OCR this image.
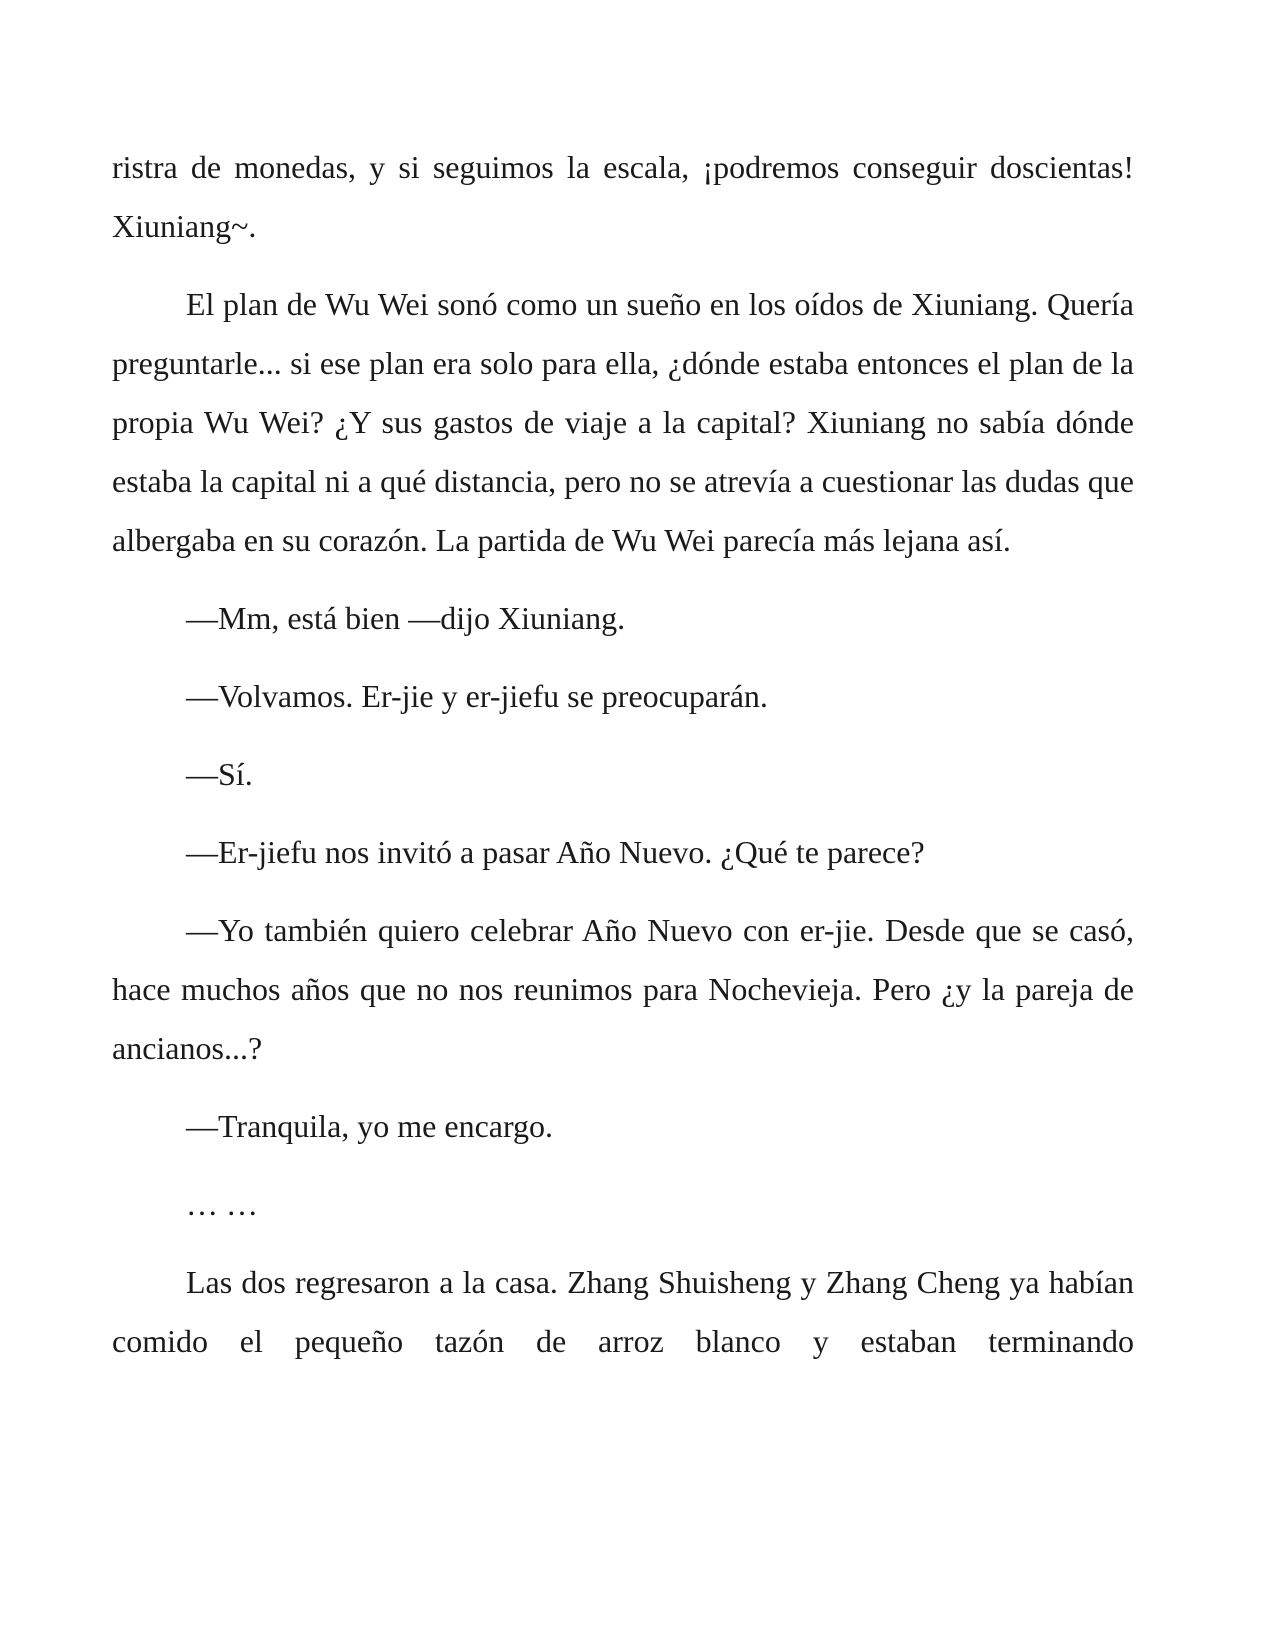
ristra de monedas, y si seguimos la escala, ¡podremos conseguir doscientas! Xiuniang~.

El plan de Wu Wei sonó como un sueño en los oídos de Xiuniang. Quería preguntarle... si ese plan era solo para ella, ¿dónde estaba entonces el plan de la propia Wu Wei? ¿Y sus gastos de viaje a la capital? Xiuniang no sabía dónde estaba la capital ni a qué distancia, pero no se atrevía a cuestionar las dudas que albergaba en su corazón. La partida de Wu Wei parecía más lejana así.

—Mm, está bien —dijo Xiuniang.

—Volvamos. Er-jie y er-jiefu se preocuparán.

—Sí.

—Er-jiefu nos invitó a pasar Año Nuevo. ¿Qué te parece?

—Yo también quiero celebrar Año Nuevo con er-jie. Desde que se casó, hace muchos años que no nos reunimos para Nochevieja. Pero ¿y la pareja de ancianos...?

—Tranquila, yo me encargo.

… …

Las dos regresaron a la casa. Zhang Shuisheng y Zhang Cheng ya habían comido el pequeño tazón de arroz blanco y estaban terminando
